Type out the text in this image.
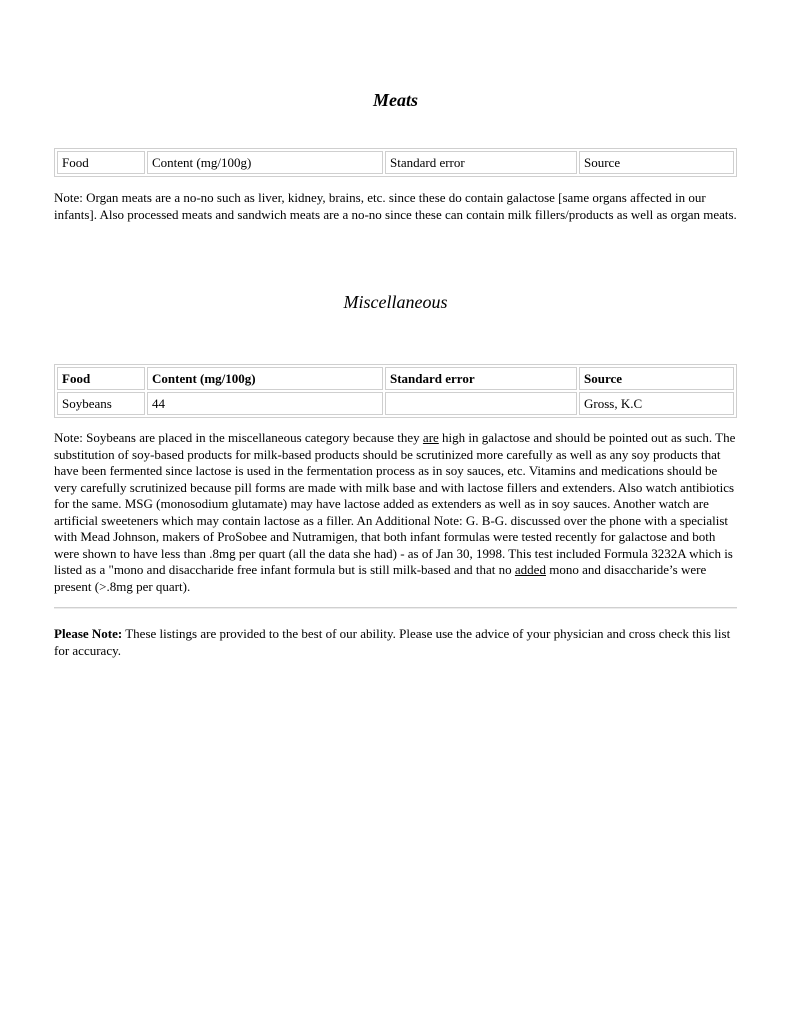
Meats
Food	Content (mg/100g)	Standard error	Source
Note: Organ meats are a no-no such as liver, kidney, brains, etc. since these do contain galactose [same organs affected in our infants]. Also processed meats and sandwich meats are a no-no since these can contain milk fillers/products as well as organ meats.
Miscellaneous
Food	Content (mg/100g)	Standard error	Source
Soybeans	44		Gross, K.C
Note: Soybeans are placed in the miscellaneous category because they are high in galactose and should be pointed out as such. The substitution of soy-based products for milk-based products should be scrutinized more carefully as well as any soy products that have been fermented since lactose is used in the fermentation process as in soy sauces, etc. Vitamins and medications should be very carefully scrutinized because pill forms are made with milk base and with lactose fillers and extenders. Also watch antibiotics for the same. MSG (monosodium glutamate) may have lactose added as extenders as well as in soy sauces. Another watch are artificial sweeteners which may contain lactose as a filler. An Additional Note: G. B-G. discussed over the phone with a specialist with Mead Johnson, makers of ProSobee and Nutramigen, that both infant formulas were tested recently for galactose and both were shown to have less than .8mg per quart (all the data she had) - as of Jan 30, 1998. This test included Formula 3232A which is listed as a "mono and disaccharide free infant formula but is still milk-based and that no added mono and disaccharide’s were present (>.8mg per quart).
Please Note: These listings are provided to the best of our ability. Please use the advice of your physician and cross check this list for accuracy.
